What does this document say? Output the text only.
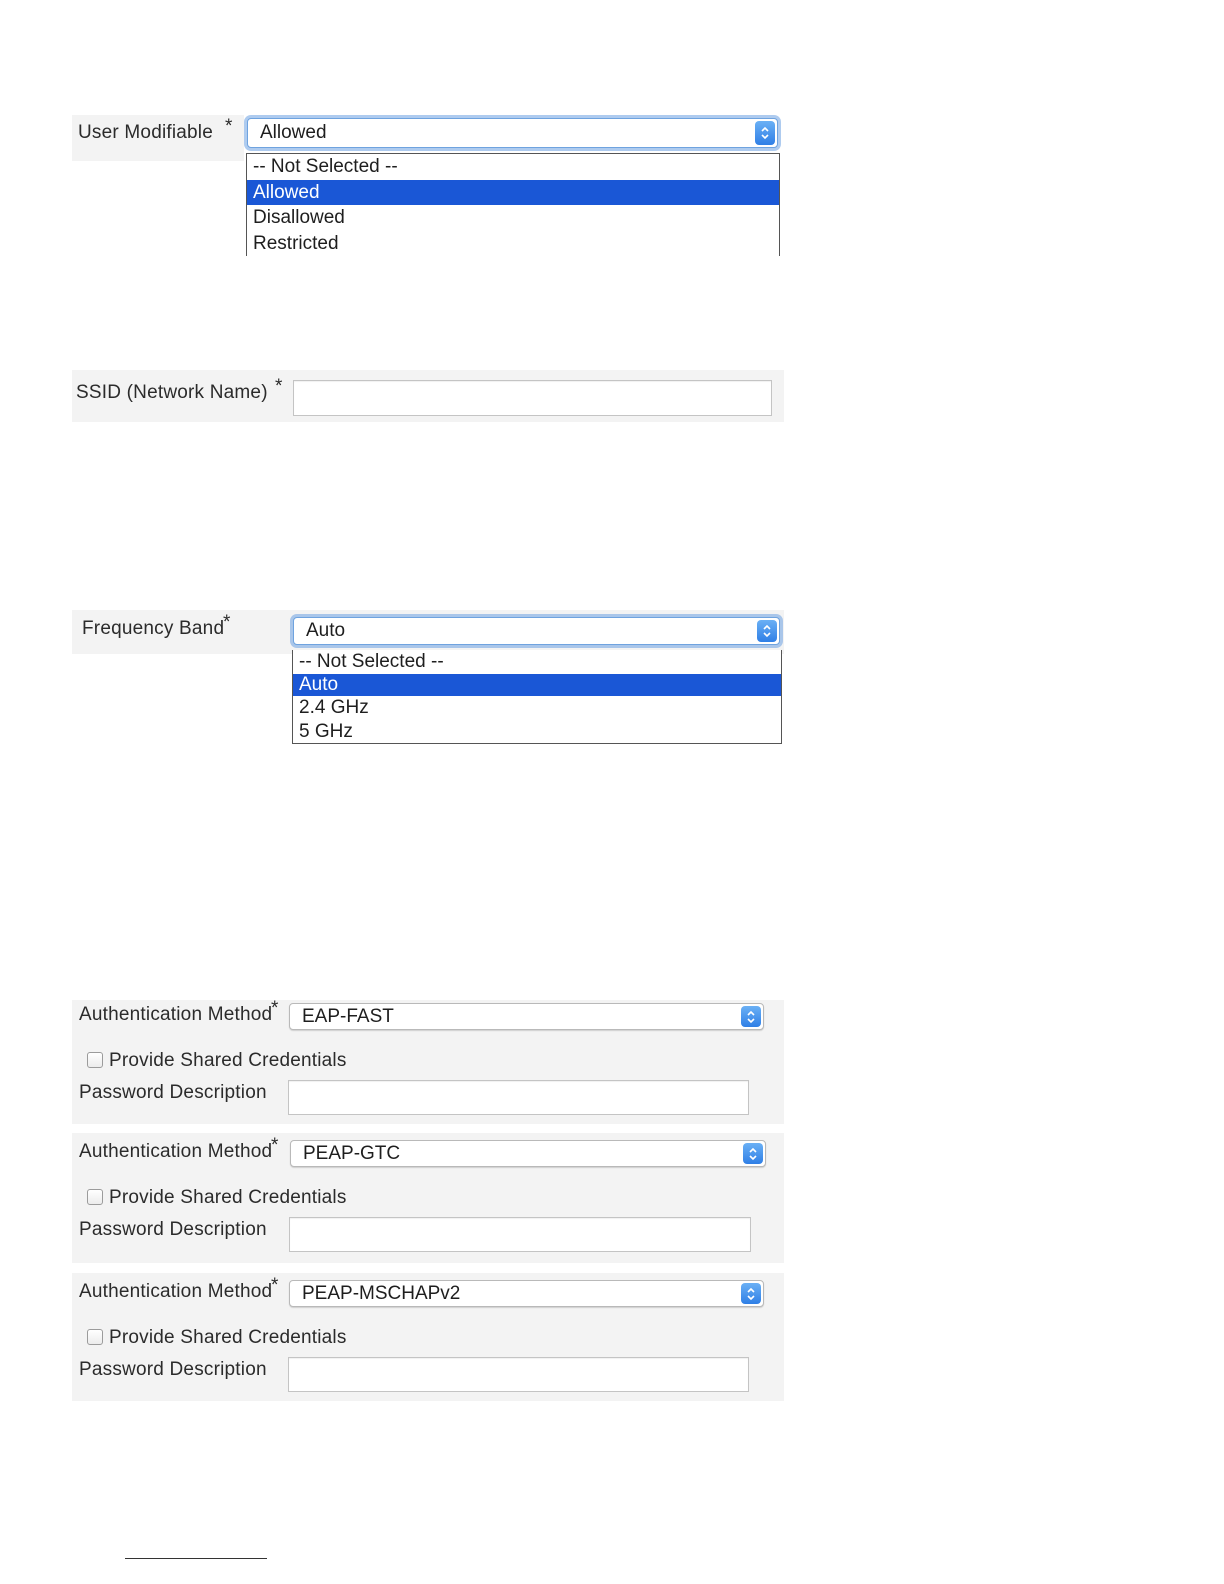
User Modifiable * Allowed
-- Not Selected --
Allowed
Disallowed
Restricted
SSID (Network Name) *
Frequency Band
*	Auto
-- Not Selected --
Auto
2.4 GHz
5 GHz
Authentication Method
* EAP-FAST
Provide Shared Credentials
Password Description
Authentication Method
* PEAP-GTC
Provide Shared Credentials
Password Description
Authentication Method
* PEAP-MSCHAPv2
Provide Shared Credentials
Password Description
